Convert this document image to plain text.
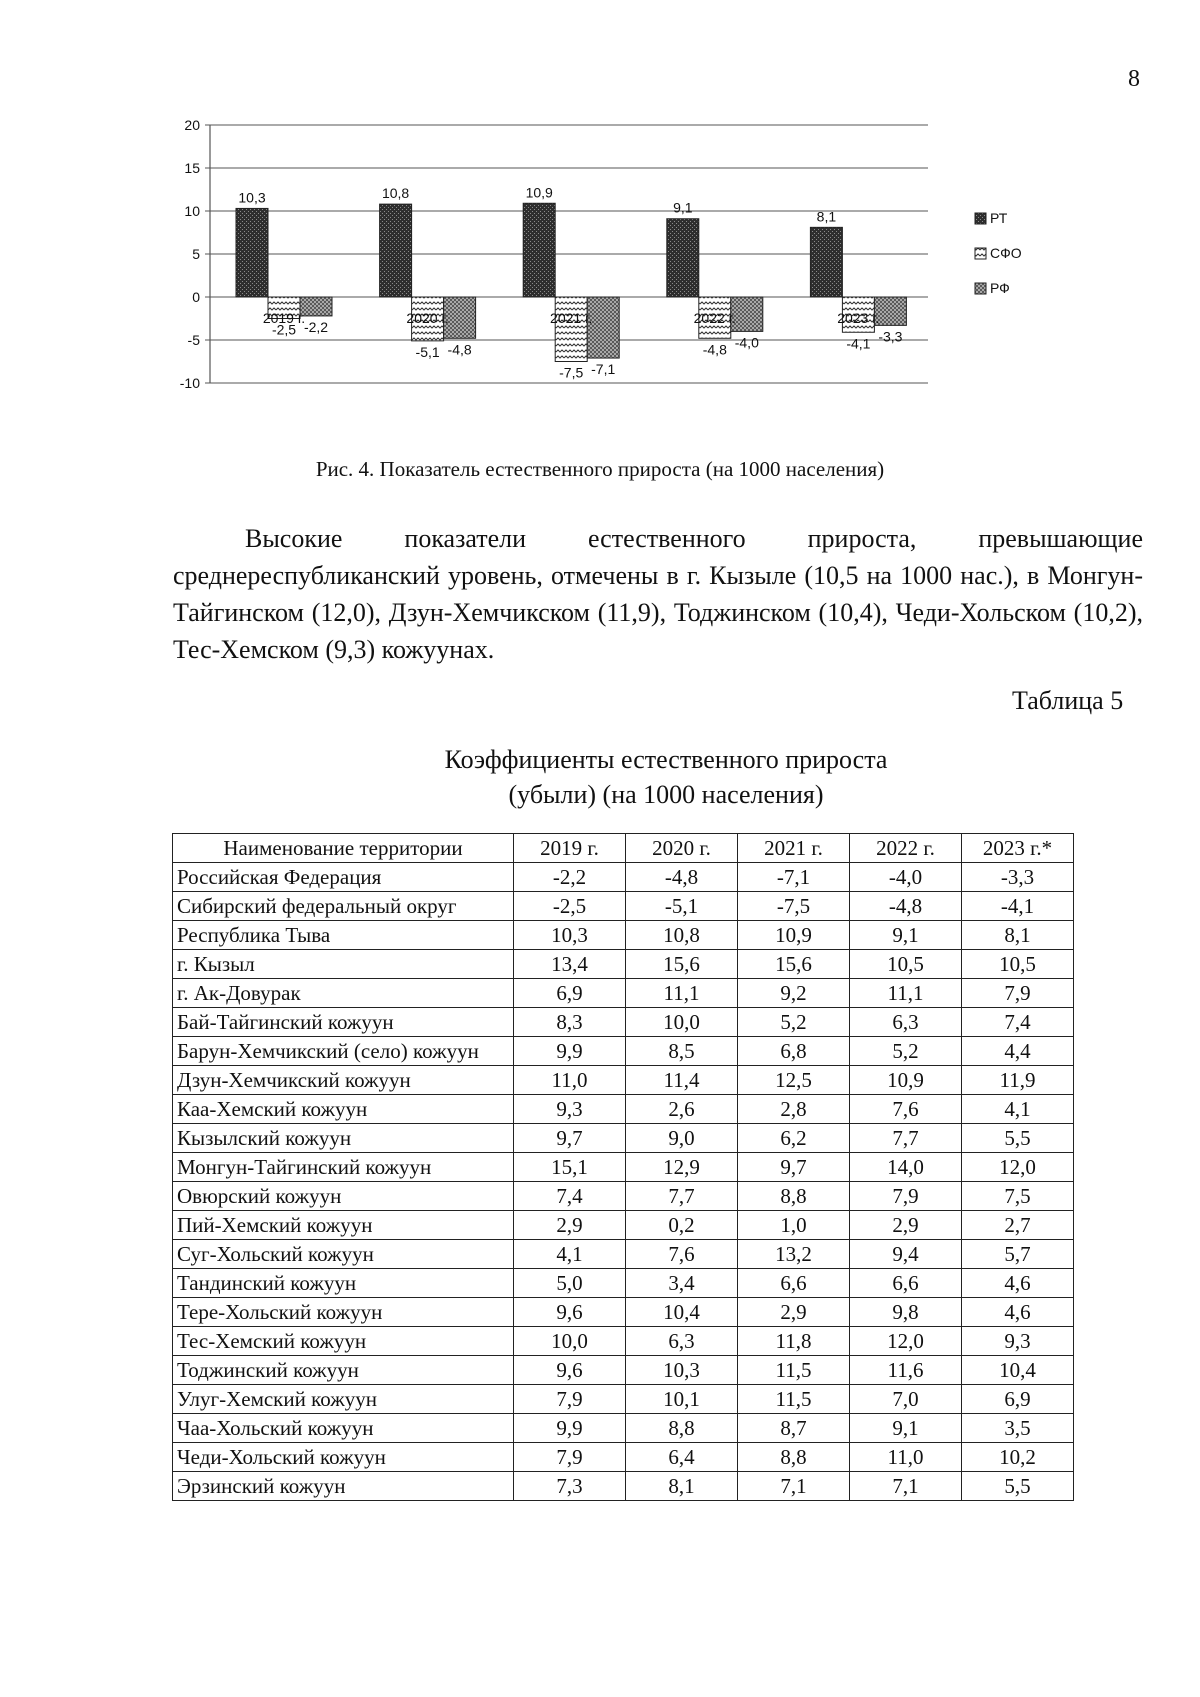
8
-10
-5
0
5
10
15
20
10,3
-2,5 -2,2
2019 г.
10,8
-5,1 -4,8
2020 г.
10,9
-7,5 -7,1
2021 г.
9,1
-4,8 -4,0
2022 г.
8,1
-4,1 -3,3
2023 г.
РТ
СФО
РФ
Рис. 4. Показатель естественного прироста (на 1000 населения)
Высокие показатели естественного прироста, превышающие среднереспубликанский уровень, отмечены в г. Кызыле (10,5 на 1000 нас.), в Монгун-Тайгинском (12,0), Дзун-Хемчикском (11,9), Тоджинском (10,4), Чеди-Хольском (10,2), Тес-Хемском (9,3) кожуунах.
Таблица 5
Коэффициенты естественного прироста
(убыли) (на 1000 населения)
Наименование территории	2019 г.	2020 г.	2021 г.	2022 г.	2023 г.*
Российская Федерация	-2,2	-4,8	-7,1	-4,0	-3,3
Сибирский федеральный округ	-2,5	-5,1	-7,5	-4,8	-4,1
Республика Тыва	10,3	10,8	10,9	9,1	8,1
г. Кызыл	13,4	15,6	15,6	10,5	10,5
г. Ак-Довурак	6,9	11,1	9,2	11,1	7,9
Бай-Тайгинский кожуун	8,3	10,0	5,2	6,3	7,4
Барун-Хемчикский (село) кожуун	9,9	8,5	6,8	5,2	4,4
Дзун-Хемчикский кожуун	11,0	11,4	12,5	10,9	11,9
Каа-Хемский кожуун	9,3	2,6	2,8	7,6	4,1
Кызылский кожуун	9,7	9,0	6,2	7,7	5,5
Монгун-Тайгинский кожуун	15,1	12,9	9,7	14,0	12,0
Овюрский кожуун	7,4	7,7	8,8	7,9	7,5
Пий-Хемский кожуун	2,9	0,2	1,0	2,9	2,7
Суг-Хольский кожуун	4,1	7,6	13,2	9,4	5,7
Тандинский кожуун	5,0	3,4	6,6	6,6	4,6
Тере-Хольский кожуун	9,6	10,4	2,9	9,8	4,6
Тес-Хемский кожуун	10,0	6,3	11,8	12,0	9,3
Тоджинский кожуун	9,6	10,3	11,5	11,6	10,4
Улуг-Хемский кожуун	7,9	10,1	11,5	7,0	6,9
Чаа-Хольский кожуун	9,9	8,8	8,7	9,1	3,5
Чеди-Хольский кожуун	7,9	6,4	8,8	11,0	10,2
Эрзинский кожуун	7,3	8,1	7,1	7,1	5,5
